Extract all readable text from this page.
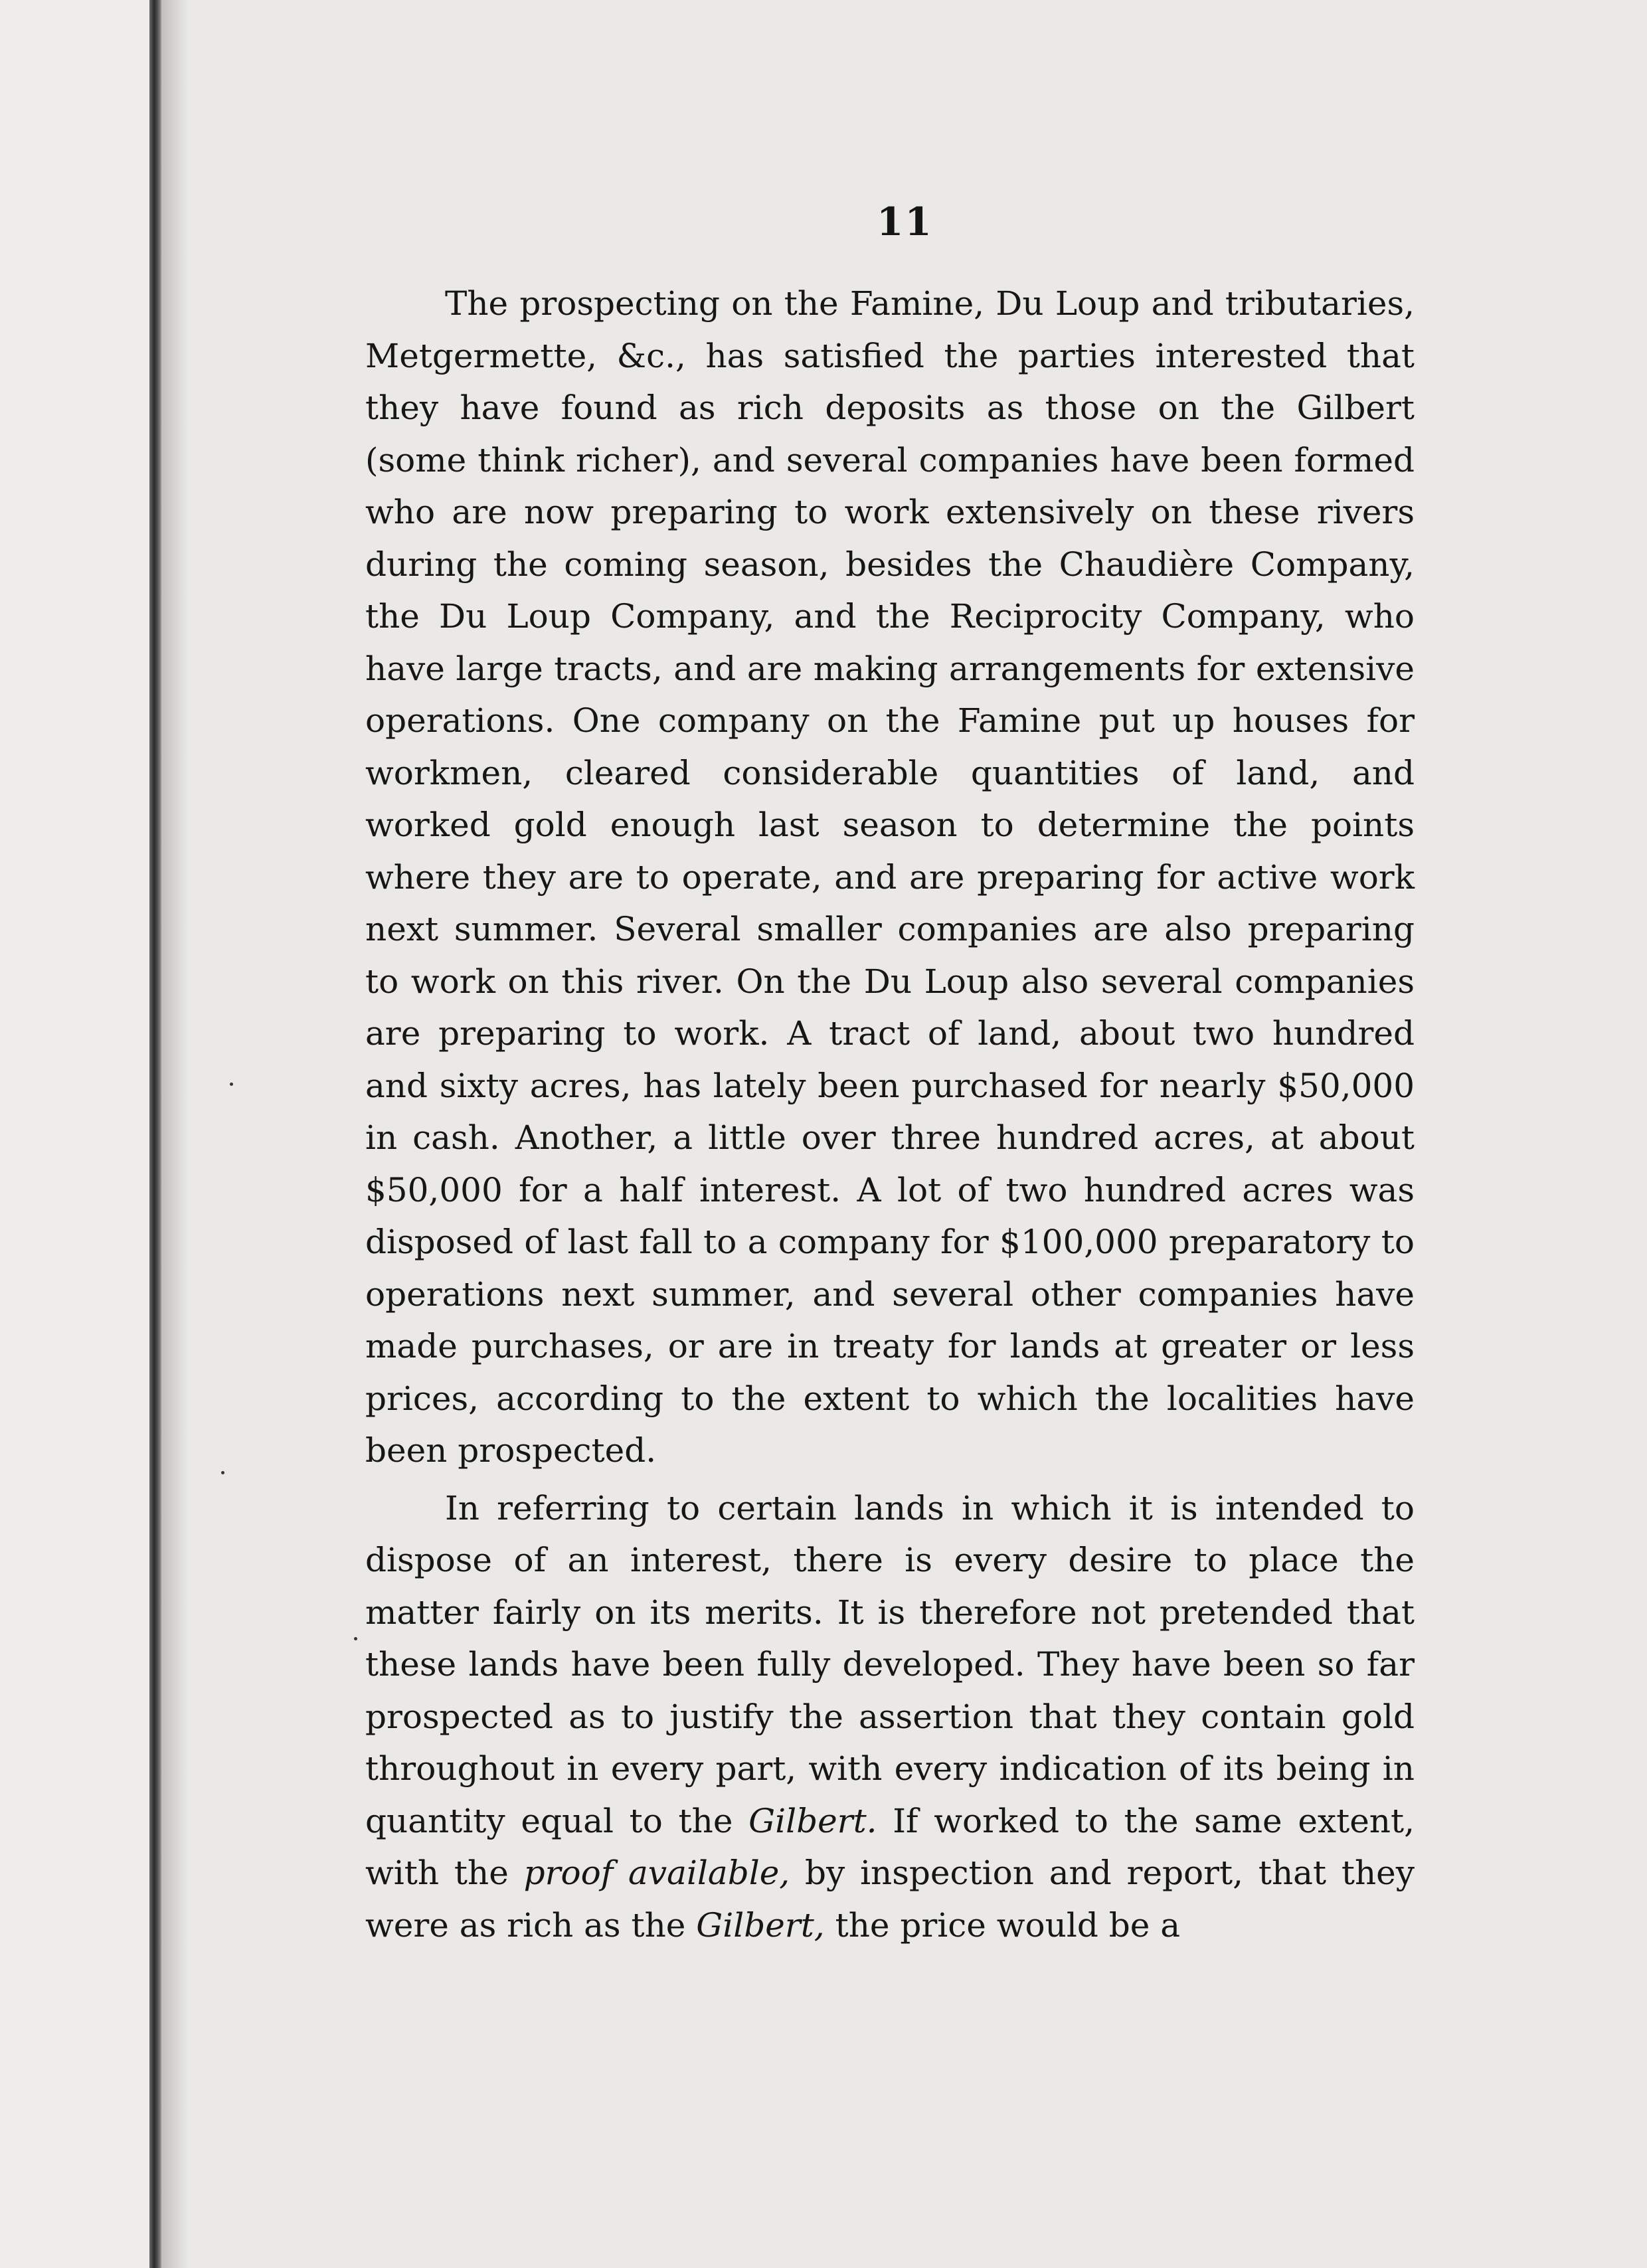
11

The prospecting on the Famine, Du Loup and tributaries, Metgermette, &c., has satisfied the parties interested that they have found as rich deposits as those on the Gilbert (some think richer), and several companies have been formed who are now preparing to work extensively on these rivers during the coming season, besides the Chaudière Company, the Du Loup Company, and the Reciprocity Company, who have large tracts, and are making arrangements for extensive operations. One company on the Famine put up houses for workmen, cleared considerable quantities of land, and worked gold enough last season to determine the points where they are to operate, and are preparing for active work next summer. Several smaller companies are also preparing to work on this river. On the Du Loup also several companies are preparing to work. A tract of land, about two hundred and sixty acres, has lately been purchased for nearly $50,000 in cash. Another, a little over three hundred acres, at about $50,000 for a half interest. A lot of two hundred acres was disposed of last fall to a company for $100,000 preparatory to operations next summer, and several other companies have made purchases, or are in treaty for lands at greater or less prices, according to the extent to which the localities have been prospected.

In referring to certain lands in which it is intended to dispose of an interest, there is every desire to place the matter fairly on its merits. It is therefore not pretended that these lands have been fully developed. They have been so far prospected as to justify the assertion that they contain gold throughout in every part, with every indication of its being in quantity equal to the Gilbert. If worked to the same extent, with the proof available, by inspection and report, that they were as rich as the Gilbert, the price would be a
